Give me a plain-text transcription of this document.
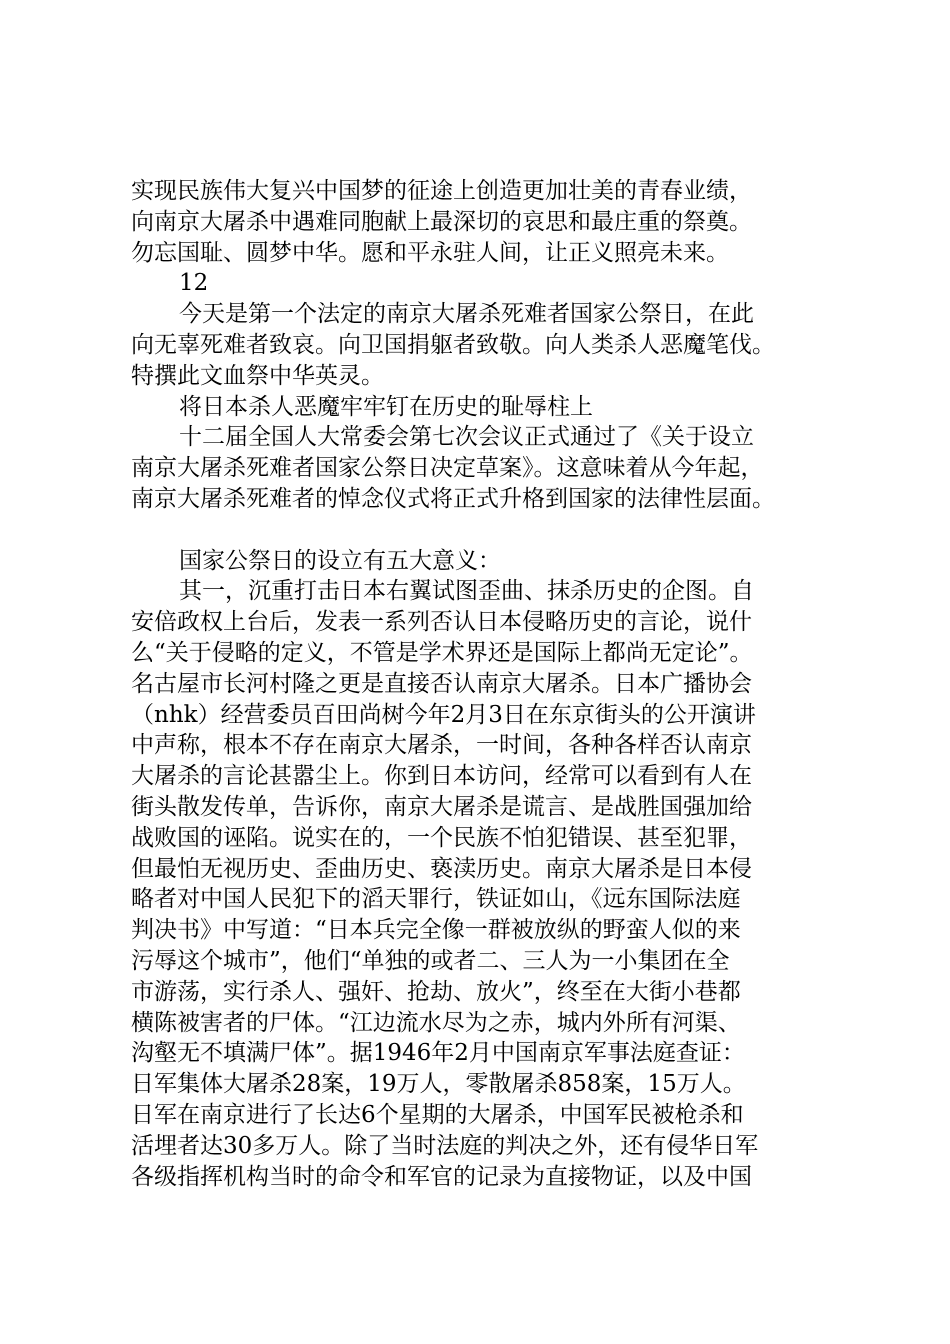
实现民族伟大复兴中国梦的征途上创造更加壮美的青春业绩，
向南京大屠杀中遇难同胞献上最深切的哀思和最庄重的祭奠。
勿忘国耻、圆梦中华。愿和平永驻人间，让正义照亮未来。
12
今天是第一个法定的南京大屠杀死难者国家公祭日，在此
向无辜死难者致哀。向卫国捐躯者致敬。向人类杀人恶魔笔伐。
特撰此文血祭中华英灵。
将日本杀人恶魔牢牢钉在历史的耻辱柱上
十二届全国人大常委会第七次会议正式通过了《关于设立
南京大屠杀死难者国家公祭日决定草案》。这意味着从今年起，
南京大屠杀死难者的悼念仪式将正式升格到国家的法律性层面。
国家公祭日的设立有五大意义：
其一，沉重打击日本右翼试图歪曲、抹杀历史的企图。自
安倍政权上台后，发表一系列否认日本侵略历史的言论，说什
么“关于侵略的定义，不管是学术界还是国际上都尚无定论”。
名古屋市长河村隆之更是直接否认南京大屠杀。日本广播协会
（nhk）经营委员百田尚树今年2月3日在东京街头的公开演讲
中声称，根本不存在南京大屠杀，一时间，各种各样否认南京
大屠杀的言论甚嚣尘上。你到日本访问，经常可以看到有人在
街头散发传单，告诉你，南京大屠杀是谎言、是战胜国强加给
战败国的诬陷。说实在的，一个民族不怕犯错误、甚至犯罪，
但最怕无视历史、歪曲历史、亵渎历史。南京大屠杀是日本侵
略者对中国人民犯下的滔天罪行，铁证如山，《远东国际法庭
判决书》中写道：“日本兵完全像一群被放纵的野蛮人似的来
污辱这个城市”，他们“单独的或者二、三人为一小集团在全
市游荡，实行杀人、强奸、抢劫、放火”，终至在大街小巷都
横陈被害者的尸体。“江边流水尽为之赤，城内外所有河渠、
沟壑无不填满尸体”。据1946年2月中国南京军事法庭查证：
日军集体大屠杀28案，19万人，零散屠杀858案，15万人。
日军在南京进行了长达6个星期的大屠杀，中国军民被枪杀和
活埋者达30多万人。除了当时法庭的判决之外，还有侵华日军
各级指挥机构当时的命令和军官的记录为直接物证，以及中国
